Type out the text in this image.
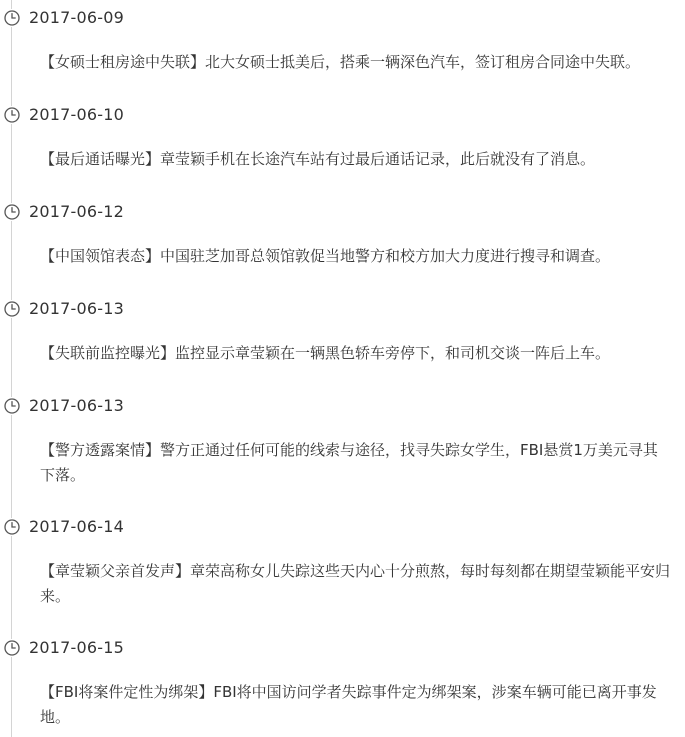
2017-06-09
【女硕士租房途中失联】北大女硕士抵美后，搭乘一辆深色汽车，签订租房合同途中失联。
2017-06-10
【最后通话曝光】章莹颖手机在长途汽车站有过最后通话记录，此后就没有了消息。
2017-06-12
【中国领馆表态】中国驻芝加哥总领馆敦促当地警方和校方加大力度进行搜寻和调查。
2017-06-13
【失联前监控曝光】监控显示章莹颖在一辆黑色轿车旁停下，和司机交谈一阵后上车。
2017-06-13
【警方透露案情】警方正通过任何可能的线索与途径，找寻失踪女学生，FBI悬赏1万美元寻其下落。
2017-06-14
【章莹颖父亲首发声】章荣高称女儿失踪这些天内心十分煎熬，每时每刻都在期望莹颖能平安归来。
2017-06-15
【FBI将案件定性为绑架】FBI将中国访问学者失踪事件定为绑架案，涉案车辆可能已离开事发地。
